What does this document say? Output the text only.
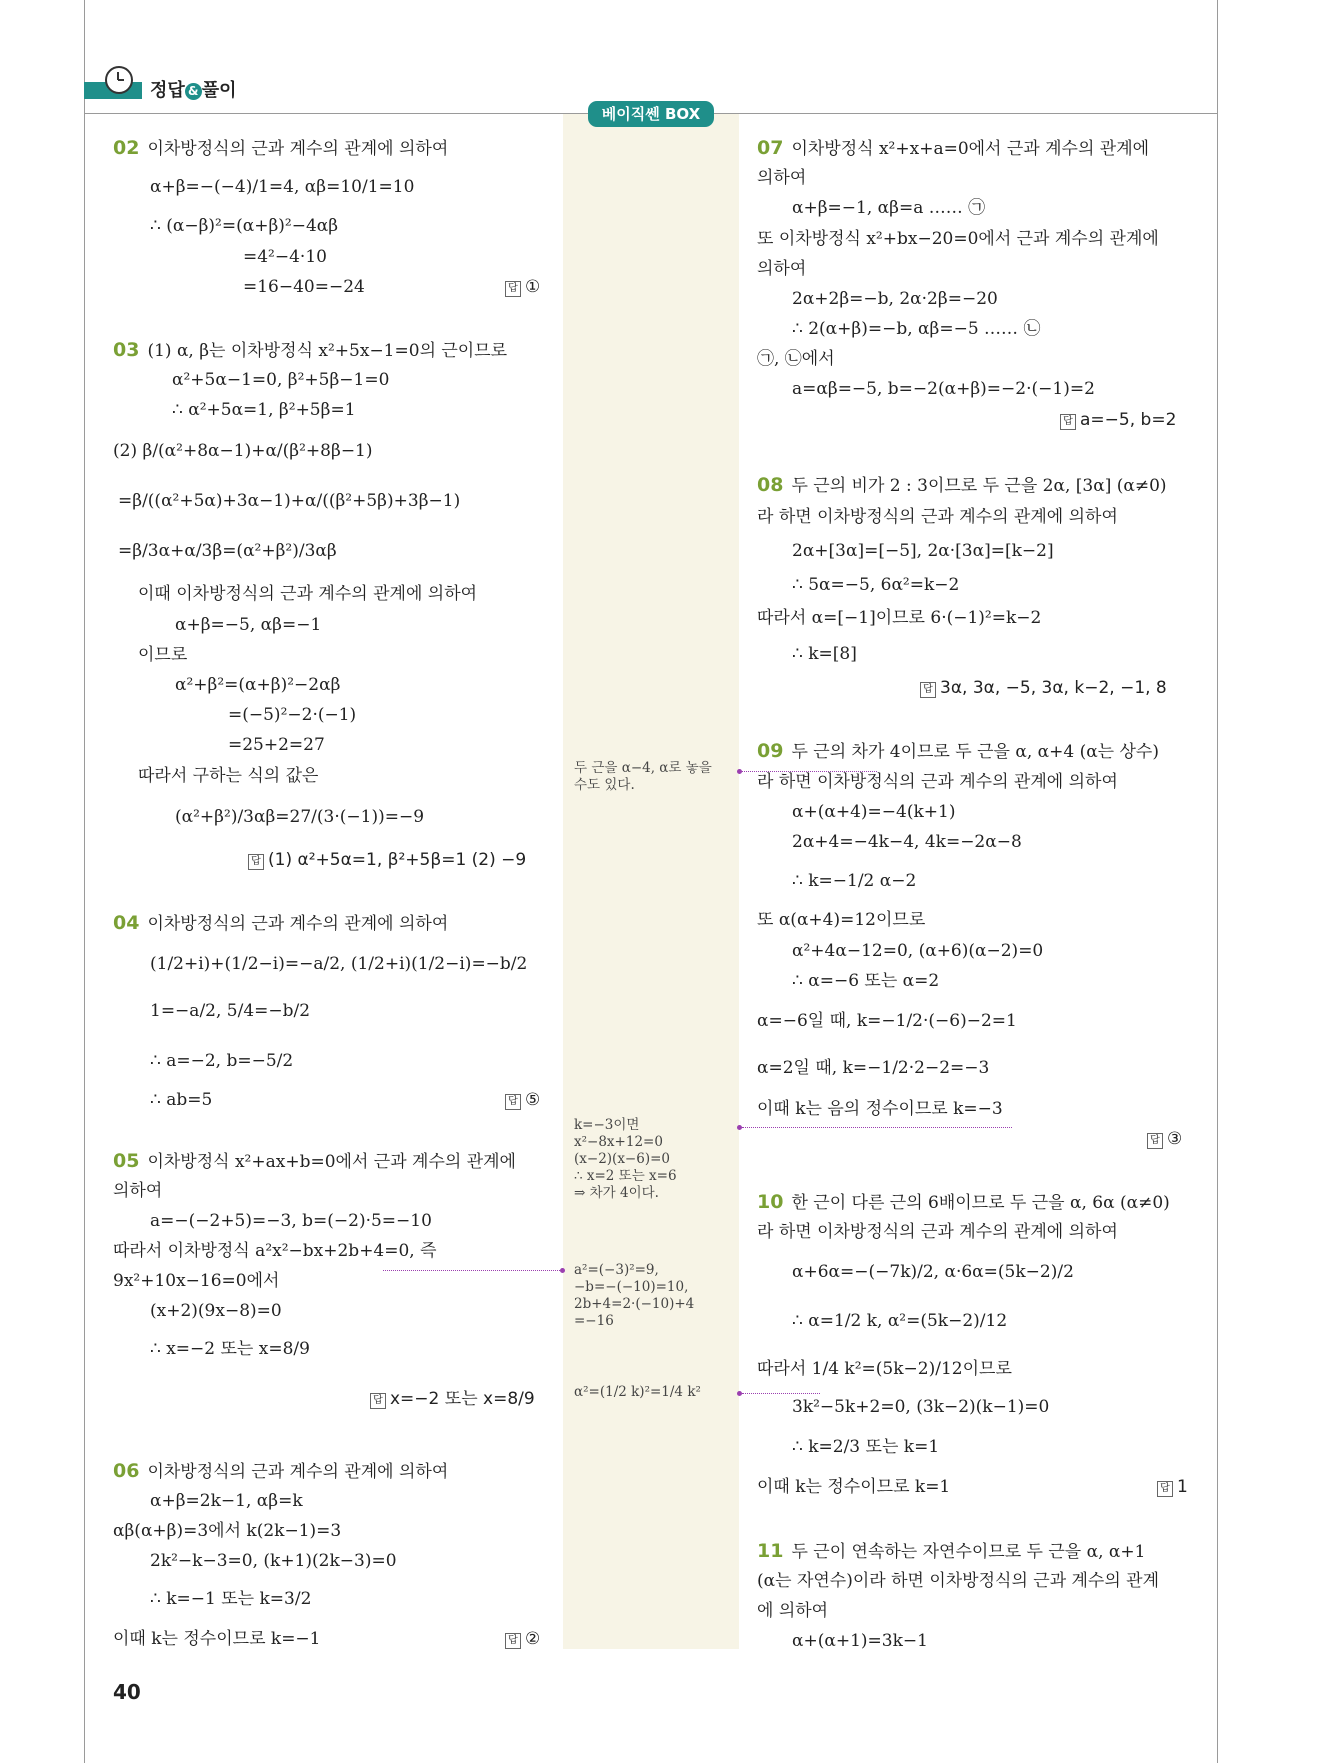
정답 & 풀이
베이직쎈 BOX
02 이차방정식의 근과 계수의 관계에 의하여
α+β=−(−4)/1=4, αβ=10/1=10
∴ (α−β)²=(α+β)²−4αβ
=4²−4·10
=16−40=−24	답 ①
03 (1) α, β는 이차방정식 x²+5x−1=0의 근이므로
α²+5α−1=0, β²+5β−1=0
∴ α²+5α=1, β²+5β=1
(2) β/(α²+8α−1)+α/(β²+8β−1)
=β/((α²+5α)+3α−1)+α/((β²+5β)+3β−1)
=β/3α+α/3β=(α²+β²)/3αβ
이때 이차방정식의 근과 계수의 관계에 의하여
α+β=−5, αβ=−1
이므로
α²+β²=(α+β)²−2αβ
=(−5)²−2·(−1)
=25+2=27
따라서 구하는 식의 값은
(α²+β²)/3αβ=27/(3·(−1))=−9
답 (1) α²+5α=1, β²+5β=1 (2) −9
04 이차방정식의 근과 계수의 관계에 의하여
(1/2+i)+(1/2−i)=−a/2, (1/2+i)(1/2−i)=−b/2
1=−a/2, 5/4=−b/2
∴ a=−2, b=−5/2
∴ ab=5	답 ⑤
05 이차방정식 x²+ax+b=0에서 근과 계수의 관계에
의하여
a=−(−2+5)=−3, b=(−2)·5=−10
따라서 이차방정식 a²x²−bx+2b+4=0, 즉
9x²+10x−16=0에서
(x+2)(9x−8)=0
∴ x=−2 또는 x=8/9
답 x=−2 또는 x=8/9
06 이차방정식의 근과 계수의 관계에 의하여
α+β=2k−1, αβ=k
αβ(α+β)=3에서 k(2k−1)=3
2k²−k−3=0, (k+1)(2k−3)=0
∴ k=−1 또는 k=3/2
이때 k는 정수이므로 k=−1	답 ②
07 이차방정식 x²+x+a=0에서 근과 계수의 관계에
의하여
α+β=−1, αβ=a …… ㉠
또 이차방정식 x²+bx−20=0에서 근과 계수의 관계에
의하여
2α+2β=−b, 2α·2β=−20
∴ 2(α+β)=−b, αβ=−5 …… ㉡
㉠, ㉡에서
a=αβ=−5, b=−2(α+β)=−2·(−1)=2
답 a=−5, b=2
08 두 근의 비가 2 : 3이므로 두 근을 2α, [3α] (α≠0)
라 하면 이차방정식의 근과 계수의 관계에 의하여
2α+[3α]=[−5], 2α·[3α]=[k−2]
∴ 5α=−5, 6α²=k−2
따라서 α=[−1]이므로 6·(−1)²=k−2
∴ k=[8]
답 3α, 3α, −5, 3α, k−2, −1, 8
09 두 근의 차가 4이므로 두 근을 α, α+4 (α는 상수)
라 하면 이차방정식의 근과 계수의 관계에 의하여
α+(α+4)=−4(k+1)
2α+4=−4k−4, 4k=−2α−8
∴ k=−1/2 α−2
또 α(α+4)=12이므로
α²+4α−12=0, (α+6)(α−2)=0
∴ α=−6 또는 α=2
α=−6일 때, k=−1/2·(−6)−2=1
α=2일 때, k=−1/2·2−2=−3
이때 k는 음의 정수이므로 k=−3
답 ③
10 한 근이 다른 근의 6배이므로 두 근을 α, 6α (α≠0)
라 하면 이차방정식의 근과 계수의 관계에 의하여
α+6α=−(−7k)/2, α·6α=(5k−2)/2
∴ α=1/2 k, α²=(5k−2)/12
따라서 1/4 k²=(5k−2)/12이므로
3k²−5k+2=0, (3k−2)(k−1)=0
∴ k=2/3 또는 k=1
이때 k는 정수이므로 k=1	답 1
11 두 근이 연속하는 자연수이므로 두 근을 α, α+1
(α는 자연수)이라 하면 이차방정식의 근과 계수의 관계
에 의하여
α+(α+1)=3k−1
두 근을 α−4, α로 놓을
수도 있다.
k=−3이면
x²−8x+12=0
(x−2)(x−6)=0
∴ x=2 또는 x=6
⇒ 차가 4이다.
a²=(−3)²=9,
−b=−(−10)=10,
2b+4=2·(−10)+4
=−16
α²=(1/2 k)²=1/4 k²
40
